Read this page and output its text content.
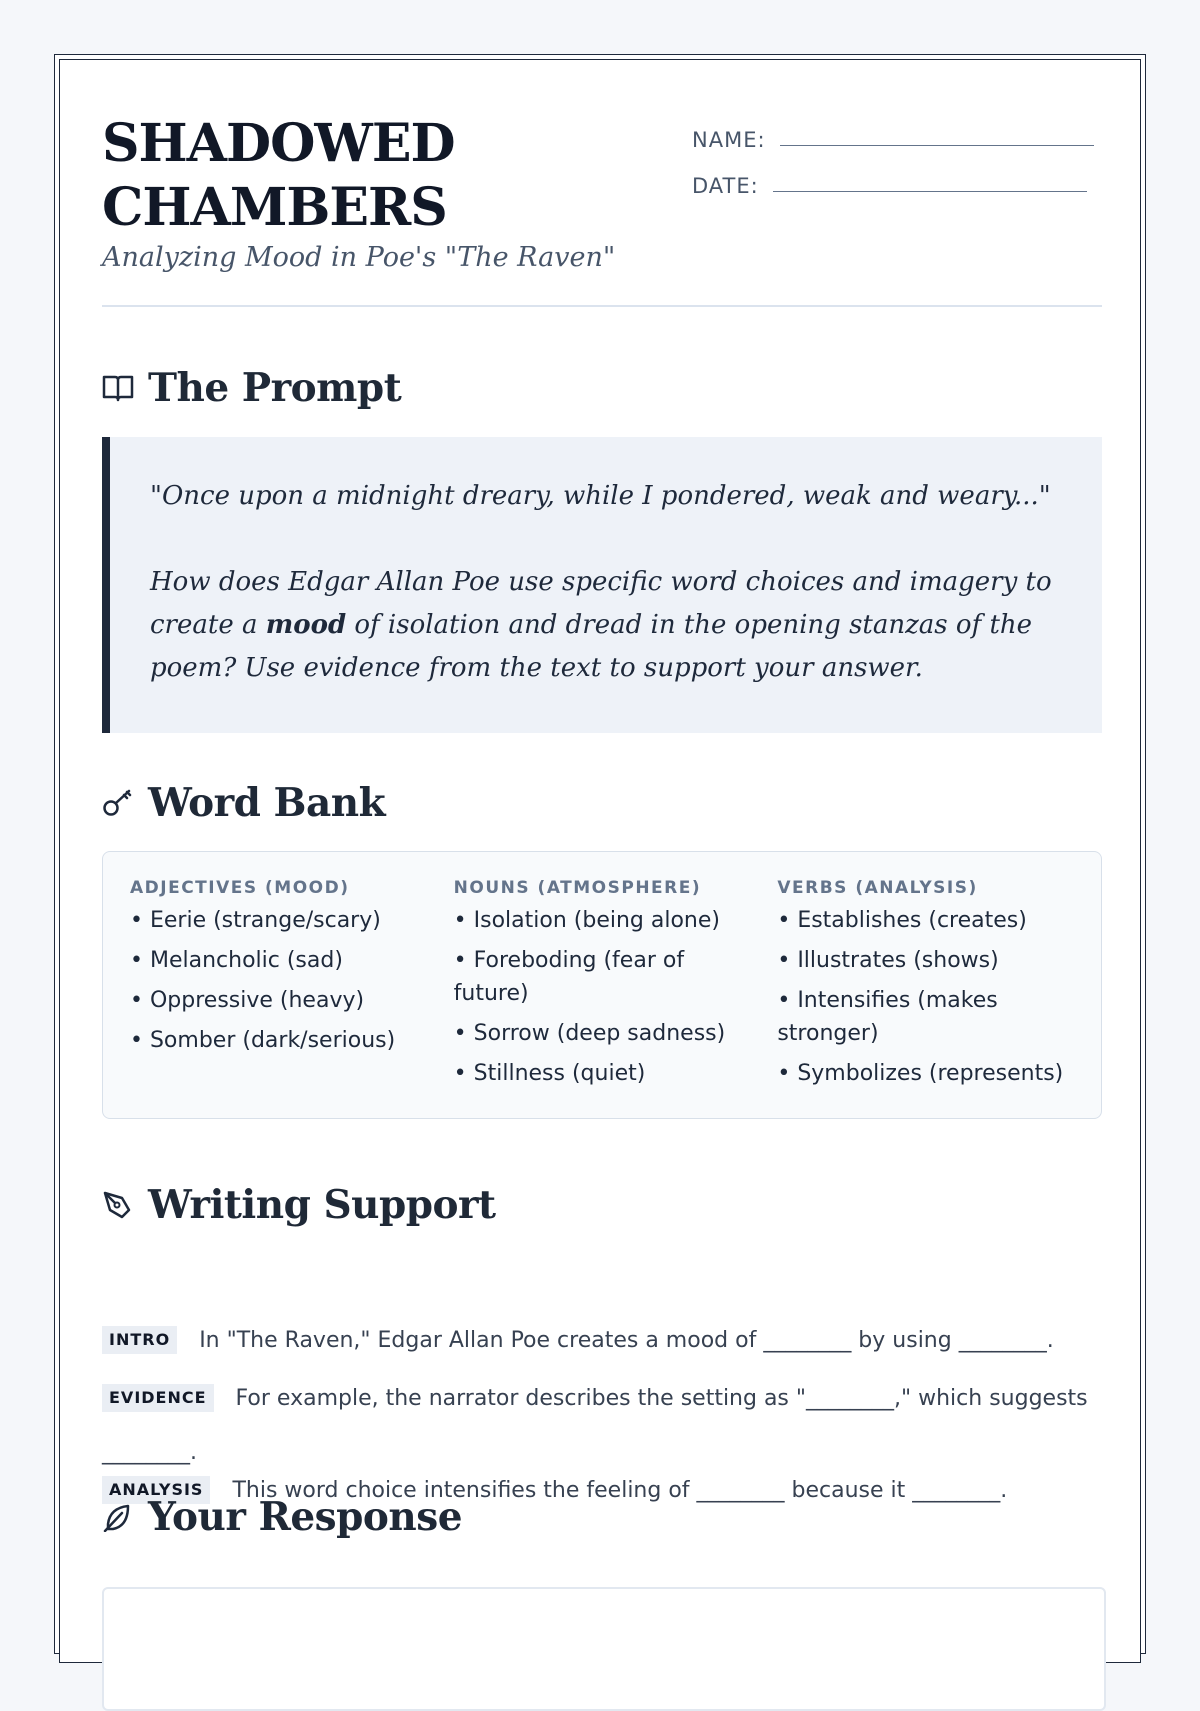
SHADOWED
CHAMBERS

Analyzing Mood in Poe's "The Raven"

NAME:
DATE:
The Prompt

"Once upon a midnight dreary, while I pondered, weak and weary..."

How does Edgar Allan Poe use specific word choices and imagery to create a mood of isolation and dread in the opening stanzas of the poem? Use evidence from the text to support your answer.

Word Bank
ADJECTIVES (MOOD)
• Eerie (strange/scary)
• Melancholic (sad)
• Oppressive (heavy)
• Somber (dark/serious)
NOUNS (ATMOSPHERE)
• Isolation (being alone)
• Foreboding (fear of future)
• Sorrow (deep sadness)
• Stillness (quiet)
VERBS (ANALYSIS)
• Establishes (creates)
• Illustrates (shows)
• Intensifies (makes stronger)
• Symbolizes (represents)
Writing Support
INTRO In "The Raven," Edgar Allan Poe creates a mood of ________ by using ________.
EVIDENCE For example, the narrator describes the setting as "________," which suggests ________.
ANALYSIS This word choice intensifies the feeling of ________ because it ________.
Your Response
